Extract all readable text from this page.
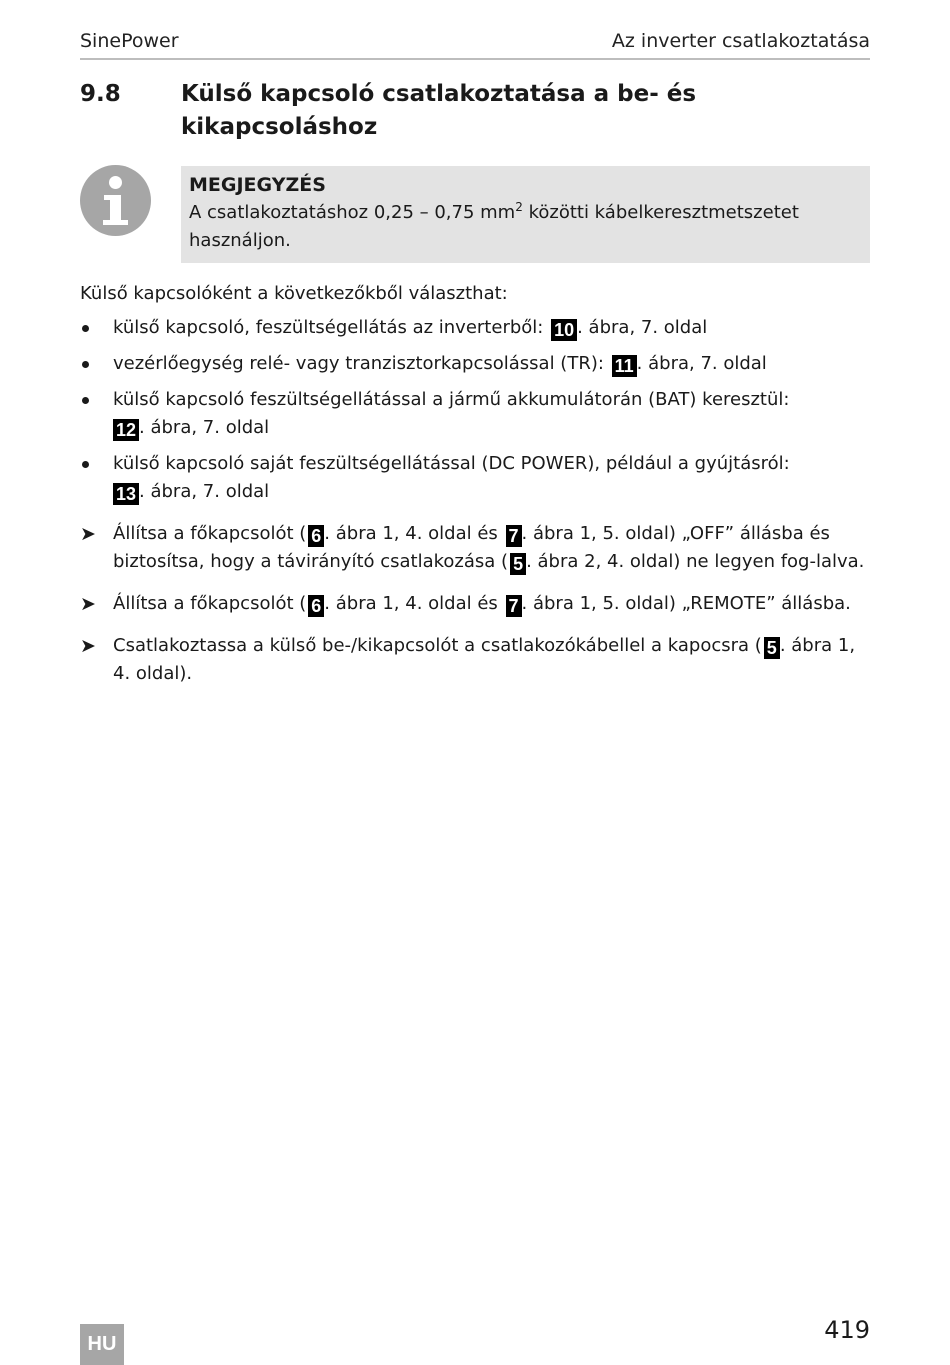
SinePower	Az inverter csatlakoztatása
9.8	Külső kapcsoló csatlakoztatása a be- és kikapcsoláshoz
MEGJEGYZÉS
A csatlakoztatáshoz 0,25 – 0,75 $mm^2$ közötti kábelkeresztmetszetet használjon.

Külső kapcsolóként a következőkből választhat:

külső kapcsoló, feszültségellátás az inverterből: 10 . ábra, 7. oldal
vezérlőegység relé- vagy tranzisztorkapcsolással (TR): 11 . ábra, 7. oldal
külső kapcsoló feszültségellátással a jármű akkumulátorán (BAT) keresztül:
12 . ábra, 7. oldal
külső kapcsoló saját feszültségellátással (DC POWER), például a gyújtásról:
13 . ábra, 7. oldal
➤ Állítsa a főkapcsolót ( 6 . ábra 1, 4. oldal és 7 . ábra 1, 5. oldal) „OFF” állásba és biztosítsa, hogy a távirányító csatlakozása ( 5 . ábra 2, 4. oldal) ne legyen fog-lalva.
➤ Állítsa a főkapcsolót ( 6 . ábra 1, 4. oldal és 7 . ábra 1, 5. oldal) „REMOTE” állásba.
➤ Csatlakoztassa a külső be-/kikapcsolót a csatlakozókábellel a kapocsra ( 5 . ábra 1, 4. oldal).
HU	419
